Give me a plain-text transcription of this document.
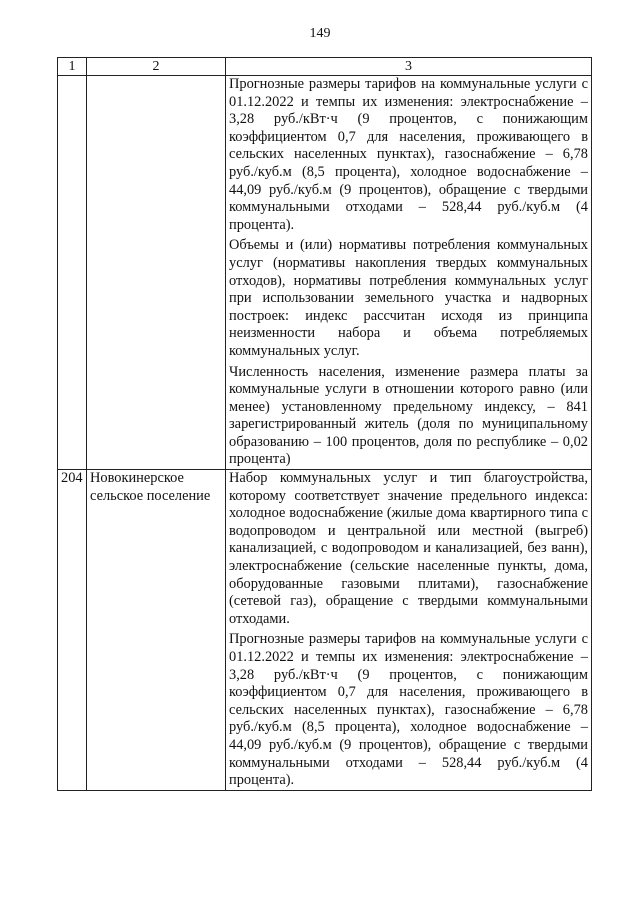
149
1	2	3

		Прогнозные размеры тарифов на коммунальные услуги с 01.12.2022 и темпы их изменения: электроснабжение – 3,28 руб./кВт·ч (9 процентов, с понижающим коэффициентом 0,7 для населения, проживающего в сельских населенных пунктах), газоснабжение – 6,78 руб./куб.м (8,5 процента), холодное водоснабжение – 44,09 руб./куб.м (9 процентов), обращение с твердыми коммунальными отходами – 528,44 руб./куб.м (4 процента).

Объемы и (или) нормативы потребления коммунальных услуг (нормативы накопления твердых коммунальных отходов), нормативы потребления коммунальных услуг при использовании земельного участка и надворных построек: индекс рассчитан исходя из принципа неизменности набора и объема потребляемых коммунальных услуг.

Численность населения, изменение размера платы за коммунальные услуги в отношении которого равно (или менее) установленному предельному индексу, – 841 зарегистрированный житель (доля по муниципальному образованию – 100 процентов, доля по республике – 0,02 процента)

204	Новокинерское сельское поселение	Набор коммунальных услуг и тип благоустройства, которому соответствует значение предельного индекса: холодное водоснабжение (жилые дома квартирного типа с водопроводом и центральной или местной (выгреб) канализацией, с водопроводом и канализацией, без ванн), электроснабжение (сельские населенные пункты, дома, оборудованные газовыми плитами), газоснабжение (сетевой газ), обращение с твердыми коммунальными отходами.

Прогнозные размеры тарифов на коммунальные услуги с 01.12.2022 и темпы их изменения: электроснабжение – 3,28 руб./кВт·ч (9 процентов, с понижающим коэффициентом 0,7 для населения, проживающего в сельских населенных пунктах), газоснабжение – 6,78 руб./куб.м (8,5 процента), холодное водоснабжение – 44,09 руб./куб.м (9 процентов), обращение с твердыми коммунальными отходами – 528,44 руб./куб.м (4 процента).
